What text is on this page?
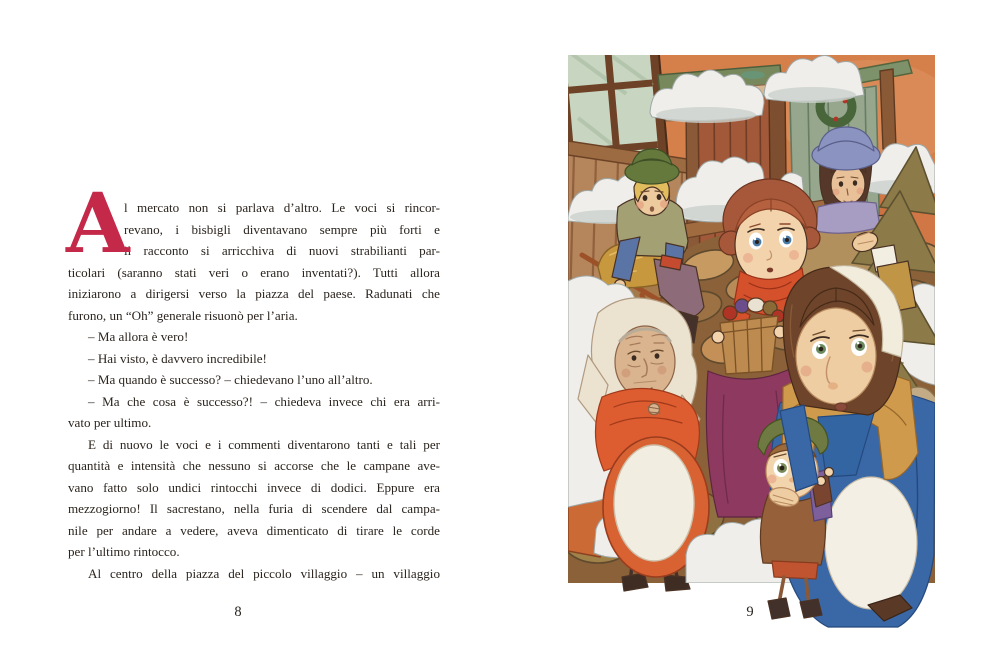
A
l mercato non si parlava d’altro. Le voci si rincor-
revano, i bisbigli diventavano sempre più forti e
il racconto si arricchiva di nuovi strabilianti par-
ticolari (saranno stati veri o erano inventati?). Tutti allora
iniziarono a dirigersi verso la piazza del paese. Radunati che
furono, un “Oh” generale risuonò per l’aria.
– Ma allora è vero!
– Hai visto, è davvero incredibile!
– Ma quando è successo? – chiedevano l’uno all’altro.
– Ma che cosa è successo?! – chiedeva invece chi era arri-
vato per ultimo.
E di nuovo le voci e i commenti diventarono tanti e tali per
quantità e intensità che nessuno si accorse che le campane ave-
vano fatto solo undici rintocchi invece di dodici. Eppure era
mezzogiorno! Il sacrestano, nella furia di scendere dal campa-
nile per andare a vedere, aveva dimenticato di tirare le corde
per l’ultimo rintocco.
Al centro della piazza del piccolo villaggio – un villaggio
8	9
